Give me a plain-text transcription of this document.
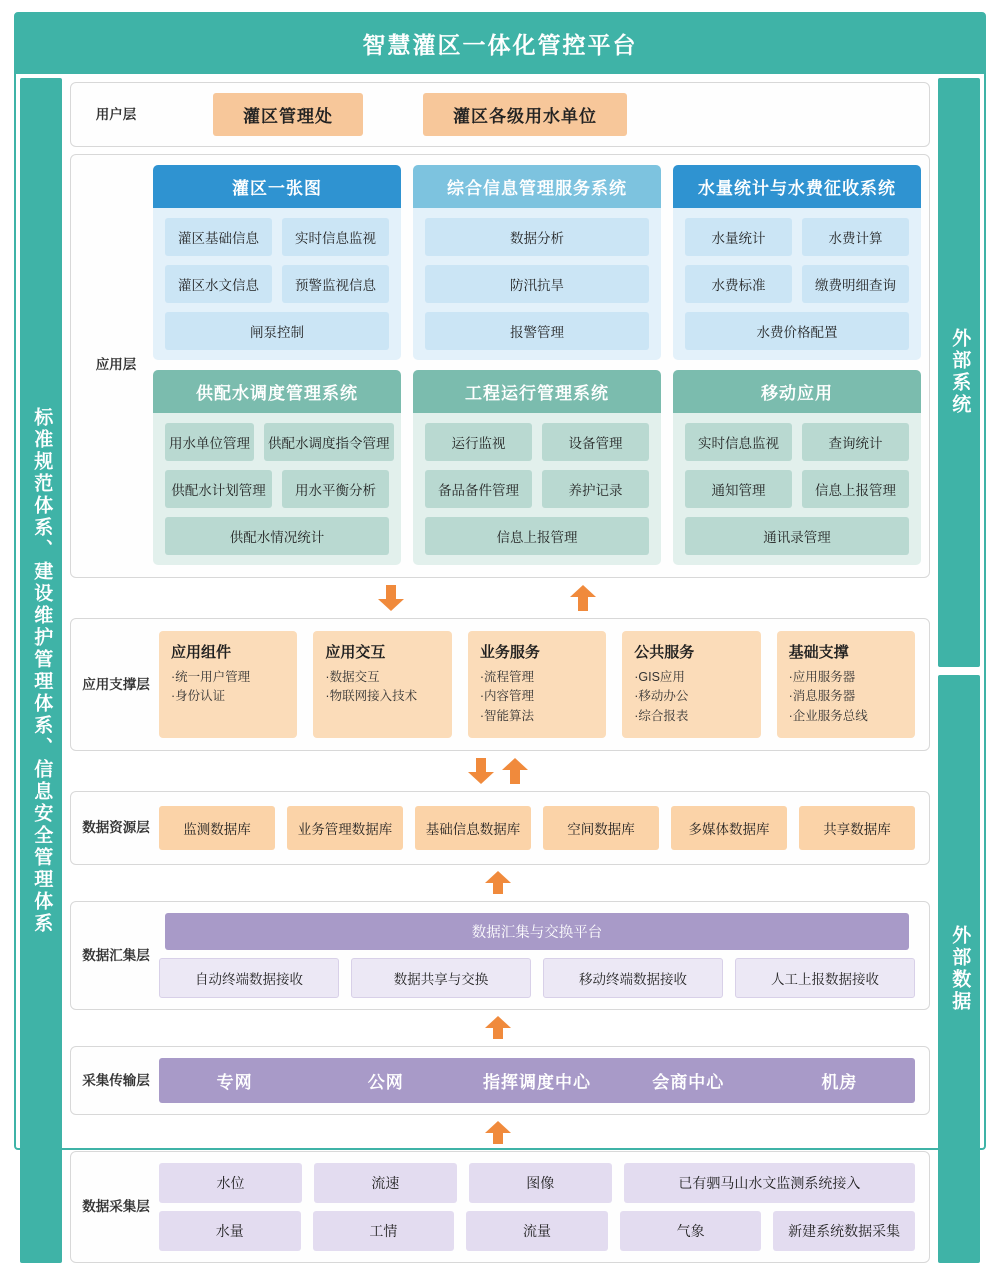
智慧灌区一体化管控平台
标准规范体系、建设维护管理体系、信息安全管理体系
用户层	灌区管理处	灌区各级用水单位
应用层
灌区一张图
灌区基础信息	实时信息监视
灌区水文信息	预警监视信息
闸泵控制
综合信息管理服务系统
数据分析
防汛抗旱
报警管理
水量统计与水费征收系统
水量统计	水费计算
水费标准	缴费明细查询
水费价格配置
供配水调度管理系统
用水单位管理 供配水调度指令管理
供配水计划管理	用水平衡分析
供配水情况统计
工程运行管理系统
运行监视	设备管理
备品备件管理	养护记录
信息上报管理
移动应用
实时信息监视	查询统计
通知管理	信息上报管理
通讯录管理
应用支撑层
应用组件
·统一用户管理
·身份认证
应用交互
·数据交互
·物联网接入技术
业务服务
·流程管理
·内容管理
·智能算法
公共服务
·GIS应用
·移动办公
·综合报表
基础支撑
·应用服务器
·消息服务器
·企业服务总线
数据资源层	监测数据库	业务管理数据库	基础信息数据库	空间数据库	多媒体数据库	共享数据库
数据汇集层
数据汇集与交换平台
自动终端数据接收	数据共享与交换	移动终端数据接收	人工上报数据接收
采集传输层	专网	公网	指挥调度中心	会商中心	机房
数据采集层
水位	流速	图像	已有驷马山水文监测系统接入
水量	工情	流量	气象	新建系统数据采集
外部系统
外部数据
